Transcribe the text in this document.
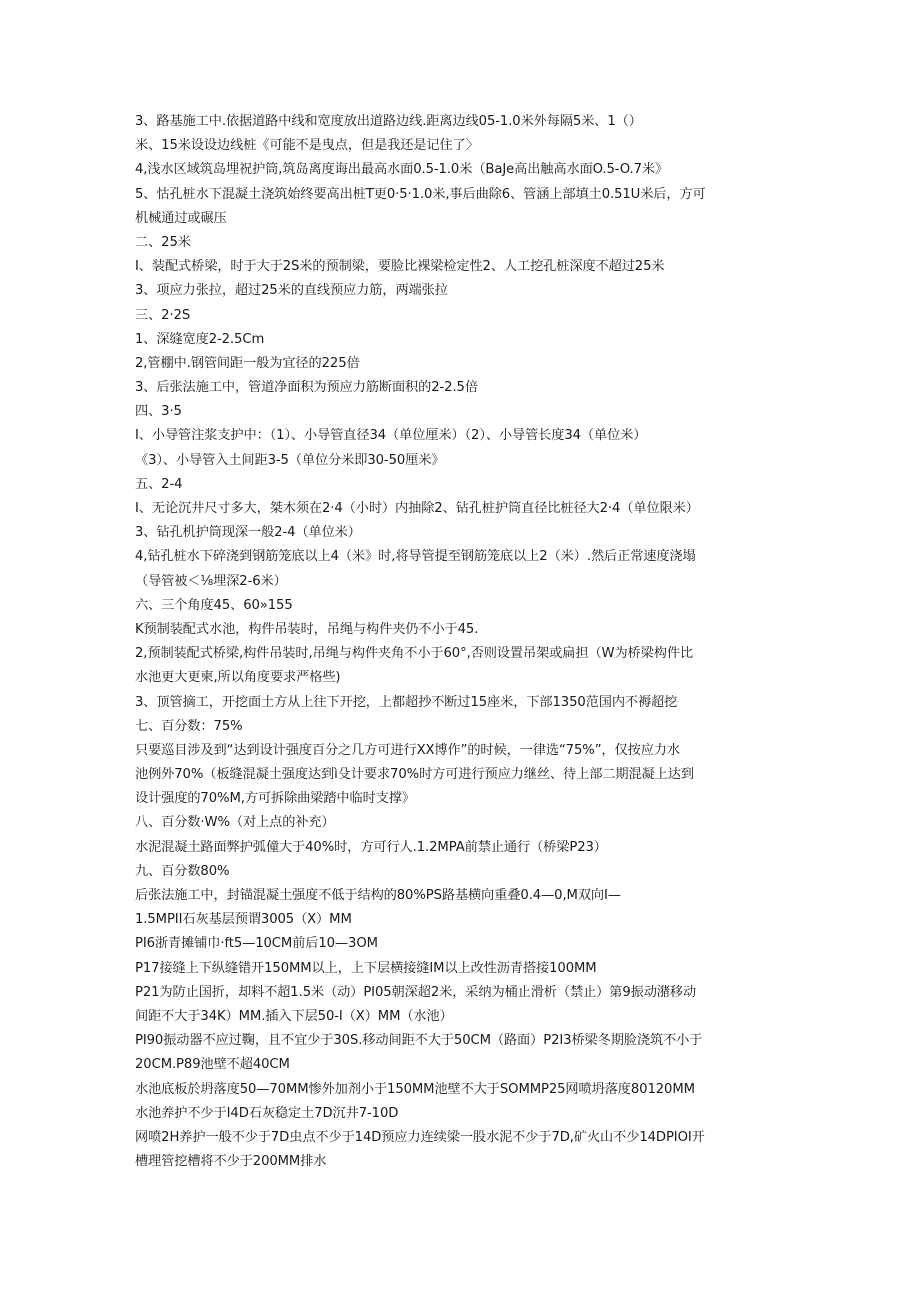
3、路基施工中.依据道路中线和宽度放出道路边线.距离边线05-1.0米外每隔5米、1（）
米、15米设设边线桩《可能不是曳点，但是我还是记住了〉
4,浅水区域筑岛埋祝护筒,筑岛离度诲出最高水面0.5-1.0米（BaJe高出触高水面O.5-O.7米》
5、怙孔桩水下混凝土浇筑始终要高出桩T更0·5·1.0米,事后曲除6、管涵上部填土0.51U米后，方可
机械通过或碾压
二、25米
I、装配式桥梁，时于大于2S米的预制梁，要脸比裸梁检定性2、人工挖孔桩深度不超过25米
3、项应力张拉，超过25米的直线预应力筋，两端张拉
三、2·2S
1、深缝宽度2-2.5Cm
2,管棚中.钢管间距一般为宜径的225倍
3、后张法施工中，管道净面积为预应力筋断面积的2-2.5倍
四、3·5
I、小导管注浆支护中：（1）、小导管直径34（单位厘米）（2）、小导管长度34（单位米）
《3）、小导管入土间距3-5（单位分米即30-50厘米》
五、2-4
I、无论沉井尺寸多大，桀木须在2·4（小时）内抽除2、钻孔桩护筒直径比桩径大2·4（单位限米）
3、钻孔机护筒现深一般2-4（单位米）
4,钻孔桩水下碎浇到钢筋笼底以上4（米》时,将导管提至钢筋笼底以上2（米）.然后正常速度浇塌
（导管被＜⅛埋深2-6米）
六、三个角度45、60»155
K预制装配式水池，构件吊装时，吊绳与构件夹仍不小于45.
2,预制装配式桥梁,构件吊装时,吊绳与构件夹角不小于60°,否则设置吊架或扁担（W为桥梁构件比
水池更大更柬,所以角度要求严格些)
3、顶管摘工，开挖面土方从上往下开挖，上都超抄不断过15座米，下部1350范国内不褥超挖
七、百分数：75%
只要巡目涉及到“达到设计强度百分之几方可进行XX博作”的时候，一律选“75%”，仅按应力水
池例外70%（板缝混凝土强度达到ì殳计要求70%时方可进行预应力继丝、待上部二期混凝上达到
设计强度的70%M,方可拆除曲梁踏中临时支撑》
八、百分数·W%（对上点的补充）
水泥混凝土路面弊护弧僮大于40%时，方可行人.1.2MPA前禁止通行（桥梁P23）
九、百分数80%
后张法施工中，封锚混凝土强度不低于结构的80%PS路基横向重叠0.4—0,M双向I—
1.5MPII石灰基层预谓3005（X）MM
PI6浙青摊铺巾·ft5—10CM前后10—3OM
P17接缝上下纵缝错开150MM以上，上下层横接缝IM以上改性沥青搭接100MM
P21为防止国折，却料不超1.5米（动）PI05朝深超2米，采纳为桶止滑析（禁止）第9振动潴移动
间距不大于34K）MM.插入下层50-I（X）MM（水池）
PI90振动器不应过鞠，且不宜少于30S.移动间距不大于50CM（路面）P2I3桥梁冬期脸浇筑不小于
20CM.P89池壁不超40CM
水池底板於坍落度50—70MM惨外加剂小于150MM池壁不大于SOMMP25网喷坍落度80120MM
水池养护不少于I4D石灰稳定土7D沉井7-10D
网喷2H养护一般不少于7D虫点不少于14D预应力连续梁一股水泥不少于7D,矿火山不少14DPIOI开
槽理管挖槽将不少于200MM排水
